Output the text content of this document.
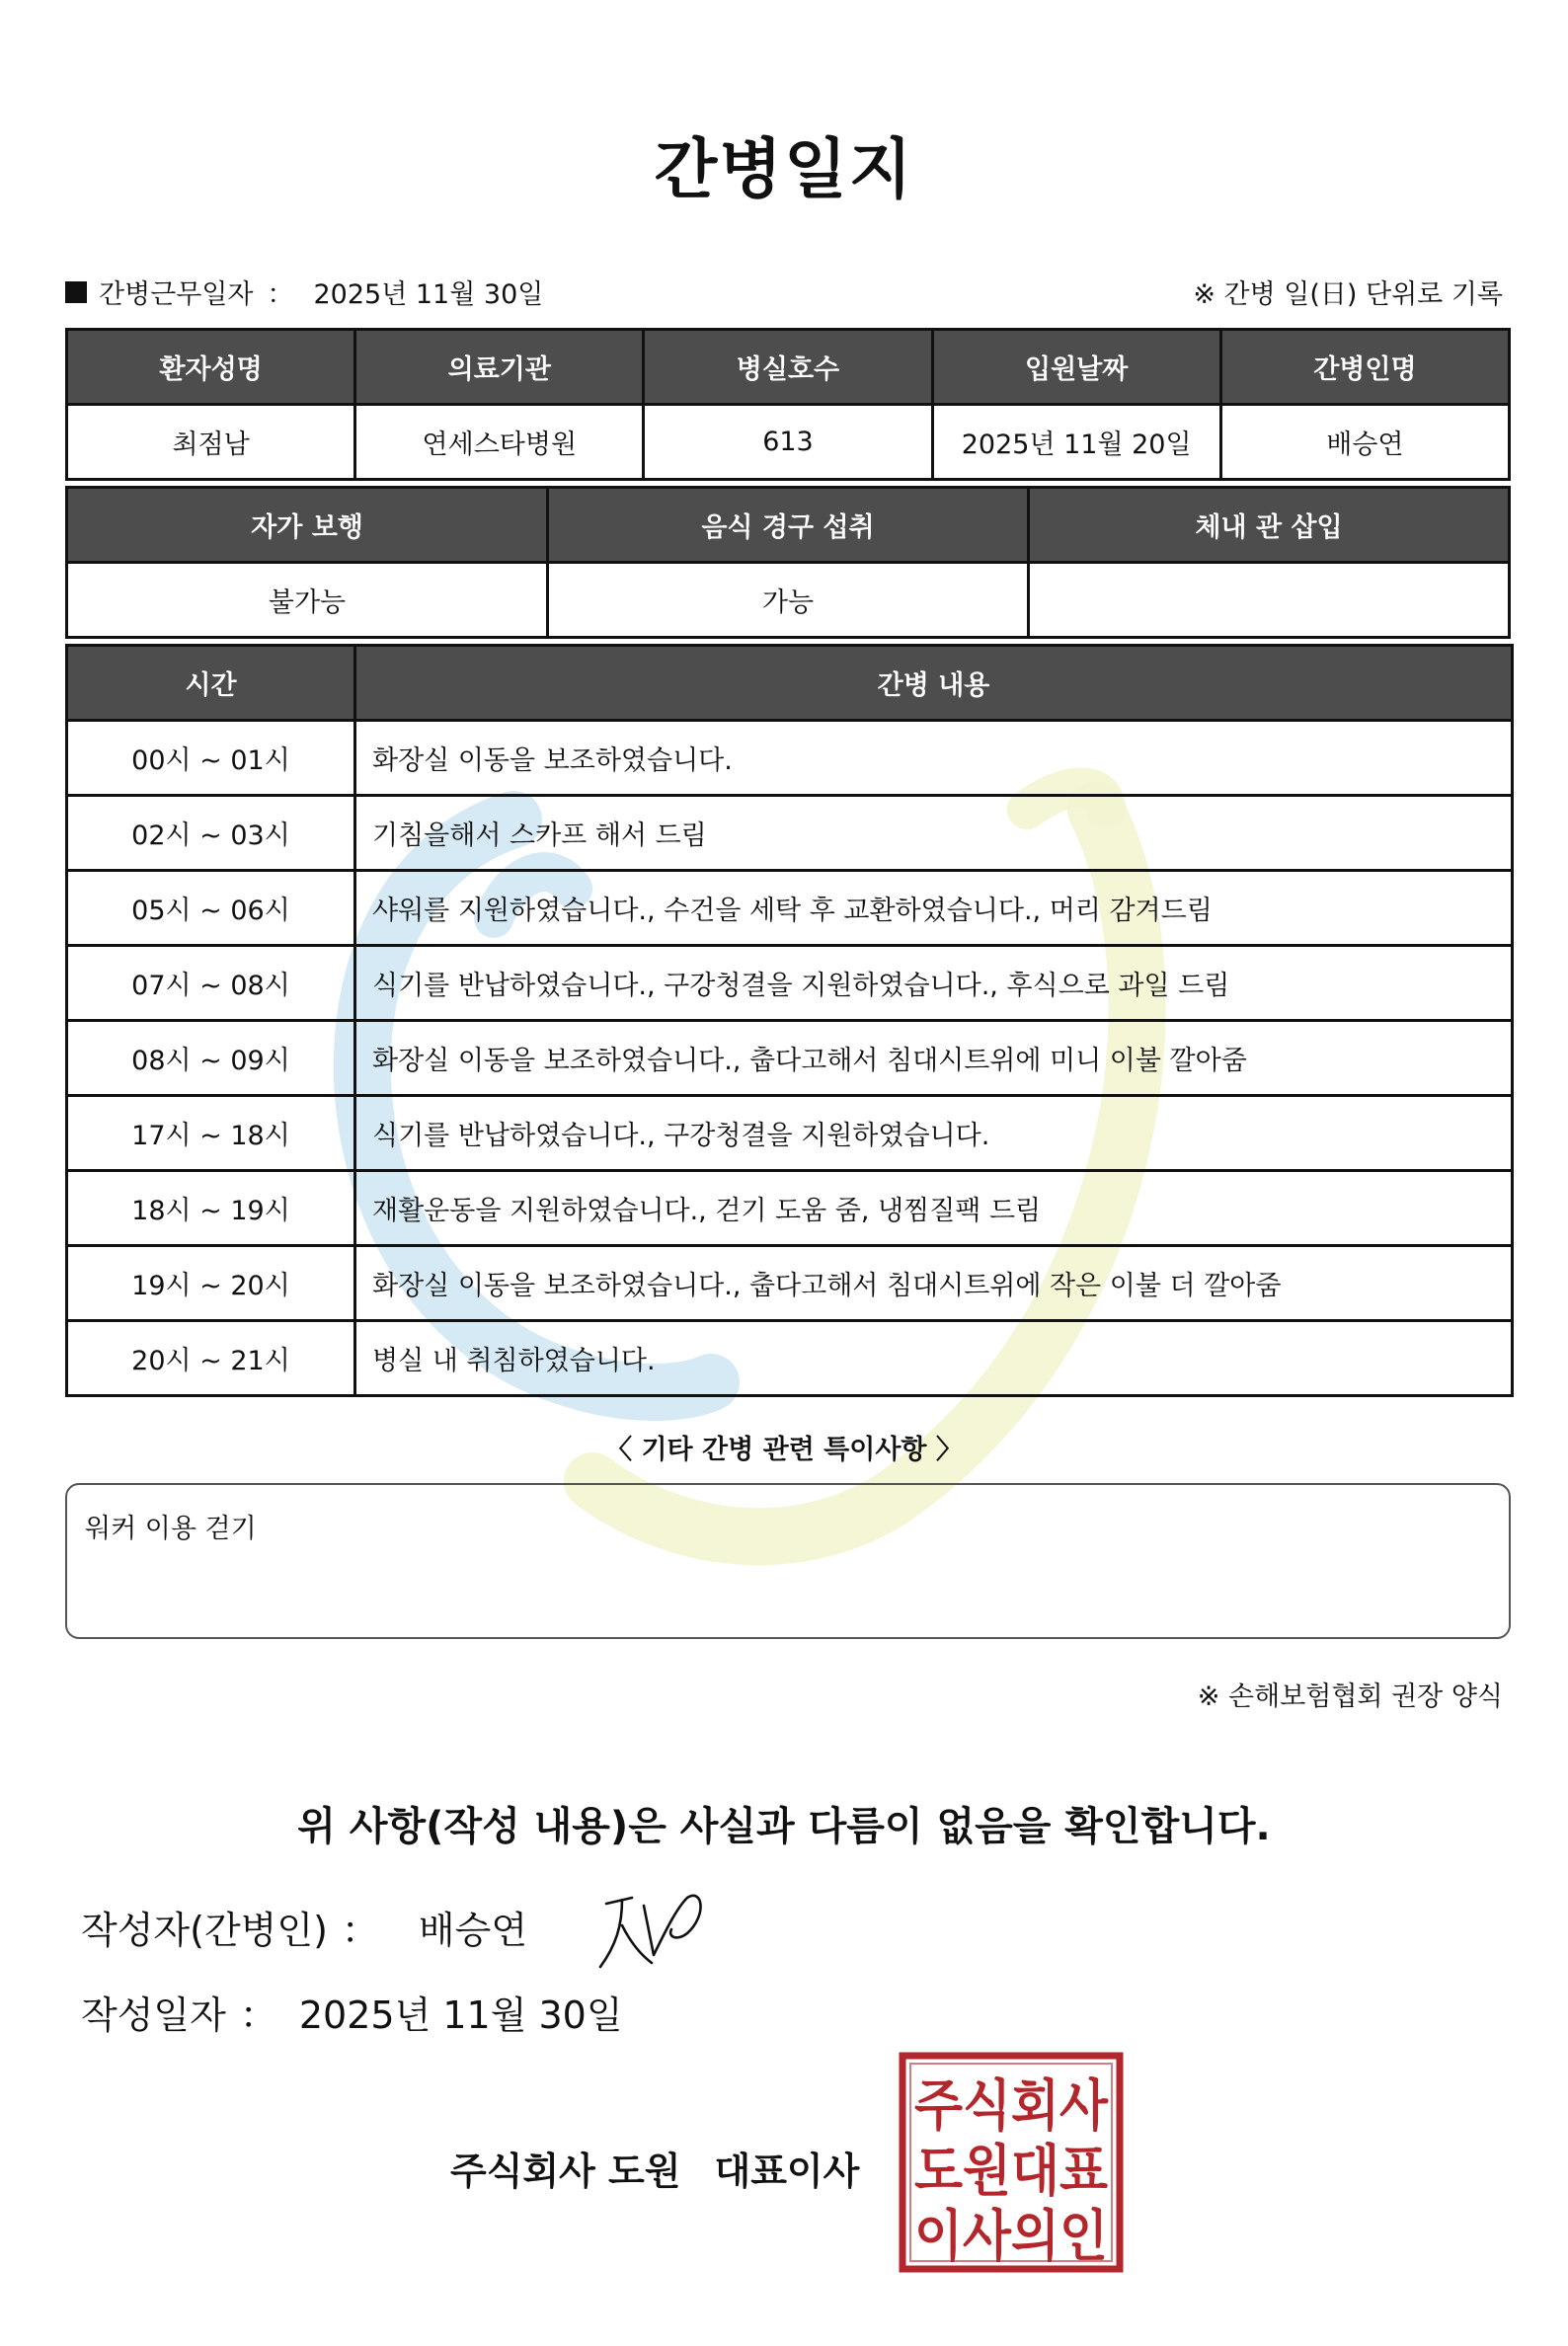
간병일지
간병근무일자 ： 2025년 11월 30일	※ 간병 일(日) 단위로 기록
환자성명	의료기관	병실호수	입원날짜	간병인명
최점남	연세스타병원	613	2025년 11월 20일	배승연
자가 보행	음식 경구 섭취	체내 관 삽입
불가능	가능	
시간	간병 내용
00시 ~ 01시	화장실 이동을 보조하였습니다.
02시 ~ 03시	기침을해서 스카프 해서 드림
05시 ~ 06시	샤워를 지원하였습니다., 수건을 세탁 후 교환하였습니다., 머리 감겨드림
07시 ~ 08시	식기를 반납하였습니다., 구강청결을 지원하였습니다., 후식으로 과일 드림
08시 ~ 09시	화장실 이동을 보조하였습니다., 춥다고해서 침대시트위에 미니 이불 깔아줌
17시 ~ 18시	식기를 반납하였습니다., 구강청결을 지원하였습니다.
18시 ~ 19시	재활운동을 지원하였습니다., 걷기 도움 줌, 냉찜질팩 드림
19시 ~ 20시	화장실 이동을 보조하였습니다., 춥다고해서 침대시트위에 작은 이불 더 깔아줌
20시 ~ 21시	병실 내 취침하였습니다.
〈 기타 간병 관련 특이사항 〉
워커 이용 걷기
※ 손해보험협회 권장 양식
위 사항(작성 내용)은 사실과 다름이 없음을 확인합니다.
작성자(간병인) ： 배승연
작성일자 ： 2025년 11월 30일
주식회사 도원 대표이사
주식회사
도원대표
이사의인
